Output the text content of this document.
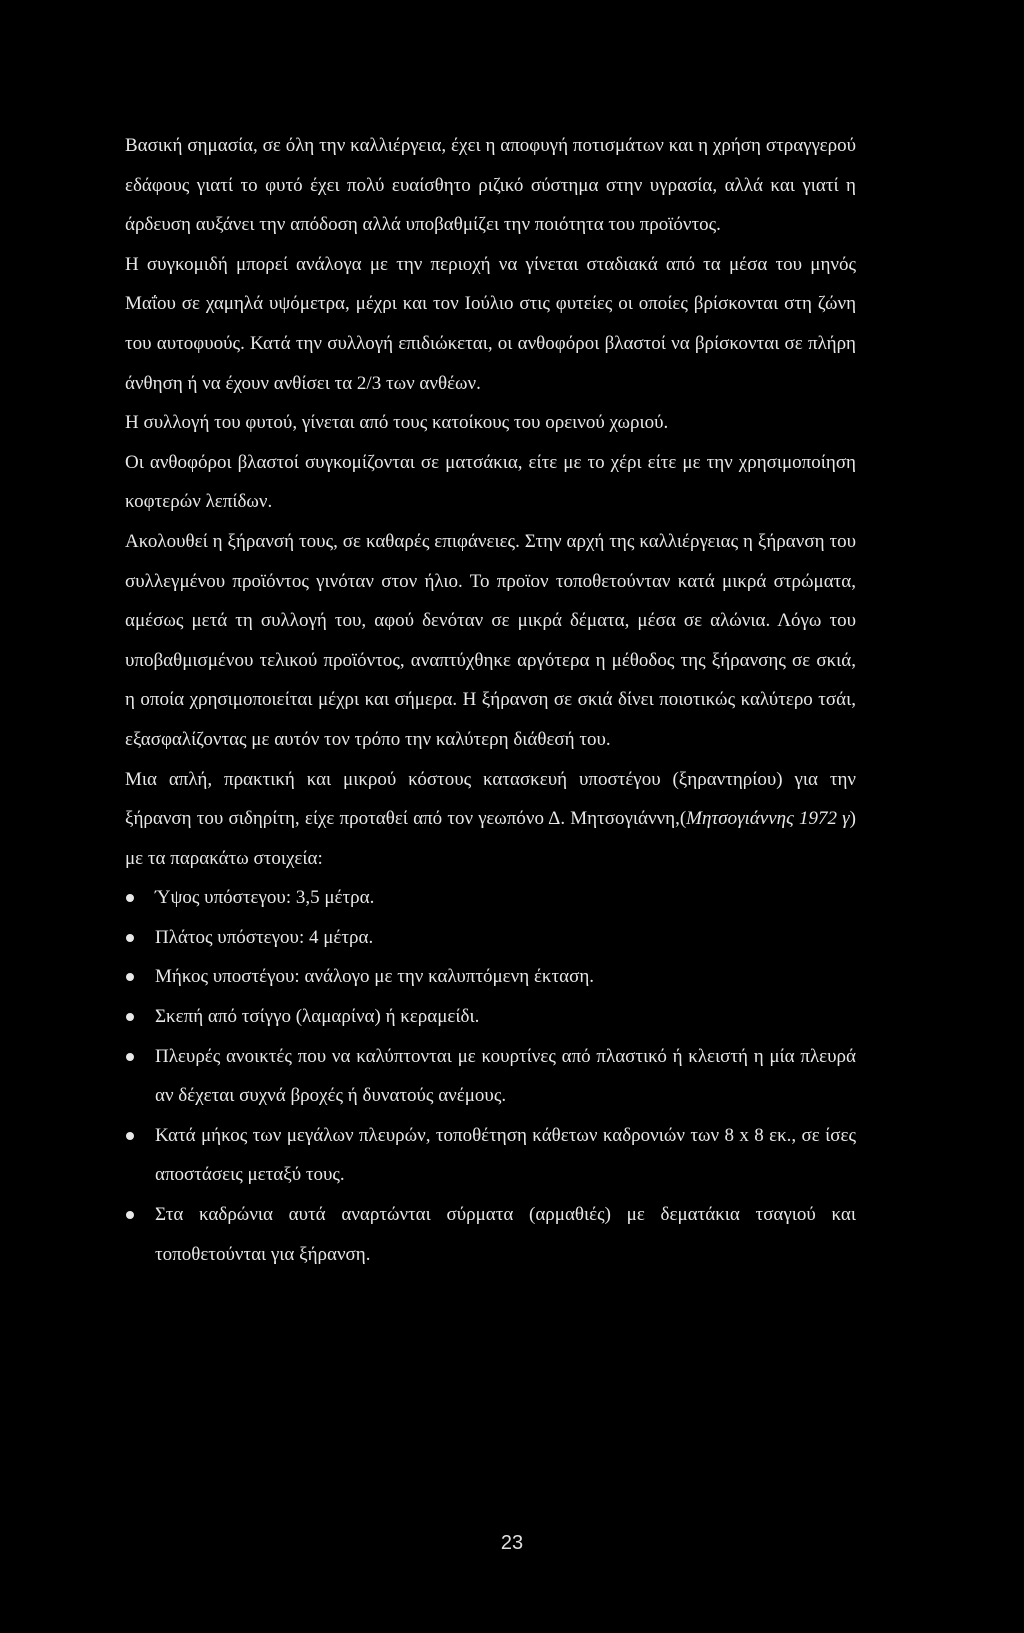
Βασική σημασία, σε όλη την καλλιέργεια, έχει η αποφυγή ποτισμάτων και η χρήση στραγγερού εδάφους γιατί το φυτό έχει πολύ ευαίσθητο ριζικό σύστημα στην υγρασία, αλλά και γιατί η άρδευση αυξάνει την απόδοση αλλά υποβαθμίζει την ποιότητα του προϊόντος.

Η συγκομιδή μπορεί ανάλογα με την περιοχή να γίνεται σταδιακά από τα μέσα του μηνός Μαΐου σε χαμηλά υψόμετρα, μέχρι και τον Ιούλιο στις φυτείες οι οποίες βρίσκονται στη ζώνη του αυτοφυούς. Κατά την συλλογή επιδιώκεται, οι ανθοφόροι βλαστοί να βρίσκονται σε πλήρη άνθηση ή να έχουν ανθίσει τα 2/3 των ανθέων.

Η συλλογή του φυτού, γίνεται από τους κατοίκους του ορεινού χωριού.

Οι ανθοφόροι βλαστοί συγκομίζονται σε ματσάκια, είτε με το χέρι είτε με την χρησιμοποίηση κοφτερών λεπίδων.

Ακολουθεί η ξήρανσή τους, σε καθαρές επιφάνειες. Στην αρχή της καλλιέργειας η ξήρανση του συλλεγμένου προϊόντος γινόταν στον ήλιο. Το προϊον τοποθετούνταν κατά μικρά στρώματα, αμέσως μετά τη συλλογή του, αφού δενόταν σε μικρά δέματα, μέσα σε αλώνια. Λόγω του υποβαθμισμένου τελικού προϊόντος, αναπτύχθηκε αργότερα η μέθοδος της ξήρανσης σε σκιά, η οποία χρησιμοποιείται μέχρι και σήμερα. Η ξήρανση σε σκιά δίνει ποιοτικώς καλύτερο τσάι, εξασφαλίζοντας με αυτόν τον τρόπο την καλύτερη διάθεσή του.

Μια απλή, πρακτική και μικρού κόστους κατασκευή υποστέγου (ξηραντηρίου) για την ξήρανση του σιδηρίτη, είχε προταθεί από τον γεωπόνο Δ. Μητσογιάννη,(Μητσογιάννης 1972 γ) με τα παρακάτω στοιχεία:

Ύψος υπόστεγου: 3,5 μέτρα.
Πλάτος υπόστεγου: 4 μέτρα.
Μήκος υποστέγου: ανάλογο με την καλυπτόμενη έκταση.
Σκεπή από τσίγγο (λαμαρίνα) ή κεραμείδι.
Πλευρές ανοικτές που να καλύπτονται με κουρτίνες από πλαστικό ή κλειστή η μία πλευρά αν δέχεται συχνά βροχές ή δυνατούς ανέμους.
Κατά μήκος των μεγάλων πλευρών, τοποθέτηση κάθετων καδρονιών των 8 x 8 εκ., σε ίσες αποστάσεις μεταξύ τους.
Στα καδρώνια αυτά αναρτώνται σύρματα (αρμαθιές) με δεματάκια τσαγιού και τοποθετούνται για ξήρανση.
23
